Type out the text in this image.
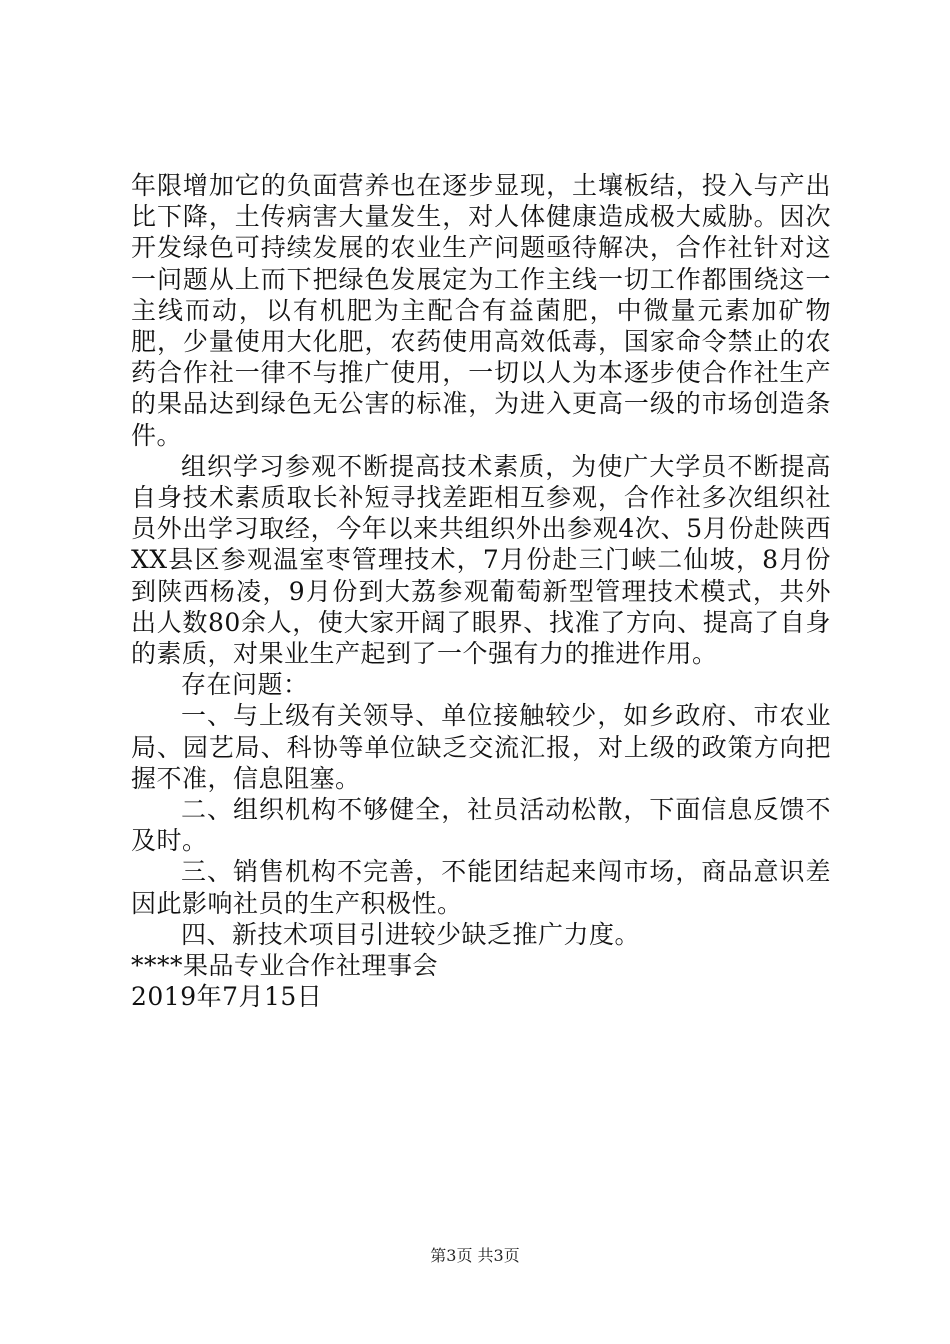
年限增加它的负面营养也在逐步显现，土壤板结，投入与产出比下降，土传病害大量发生，对人体健康造成极大威胁。因次开发绿色可持续发展的农业生产问题亟待解决，合作社针对这一问题从上而下把绿色发展定为工作主线一切工作都围绕这一主线而动，以有机肥为主配合有益菌肥，中微量元素加矿物肥，少量使用大化肥，农药使用高效低毒，国家命令禁止的农药合作社一律不与推广使用，一切以人为本逐步使合作社生产的果品达到绿色无公害的标准，为进入更高一级的市场创造条件。

组织学习参观不断提高技术素质，为使广大学员不断提高自身技术素质取长补短寻找差距相互参观，合作社多次组织社员外出学习取经，今年以来共组织外出参观4次、5月份赴陕西XX县区参观温室枣管理技术，7月份赴三门峡二仙坡，8月份到陕西杨凌，9月份到大荔参观葡萄新型管理技术模式，共外出人数80余人，使大家开阔了眼界、找准了方向、提高了自身的素质，对果业生产起到了一个强有力的推进作用。

存在问题：

一、与上级有关领导、单位接触较少，如乡政府、市农业局、园艺局、科协等单位缺乏交流汇报，对上级的政策方向把握不准，信息阻塞。

二、组织机构不够健全，社员活动松散，下面信息反馈不及时。

三、销售机构不完善，不能团结起来闯市场，商品意识差因此影响社员的生产积极性。

四、新技术项目引进较少缺乏推广力度。

****果品专业合作社理事会

2019年7月15日

第3页 共3页
